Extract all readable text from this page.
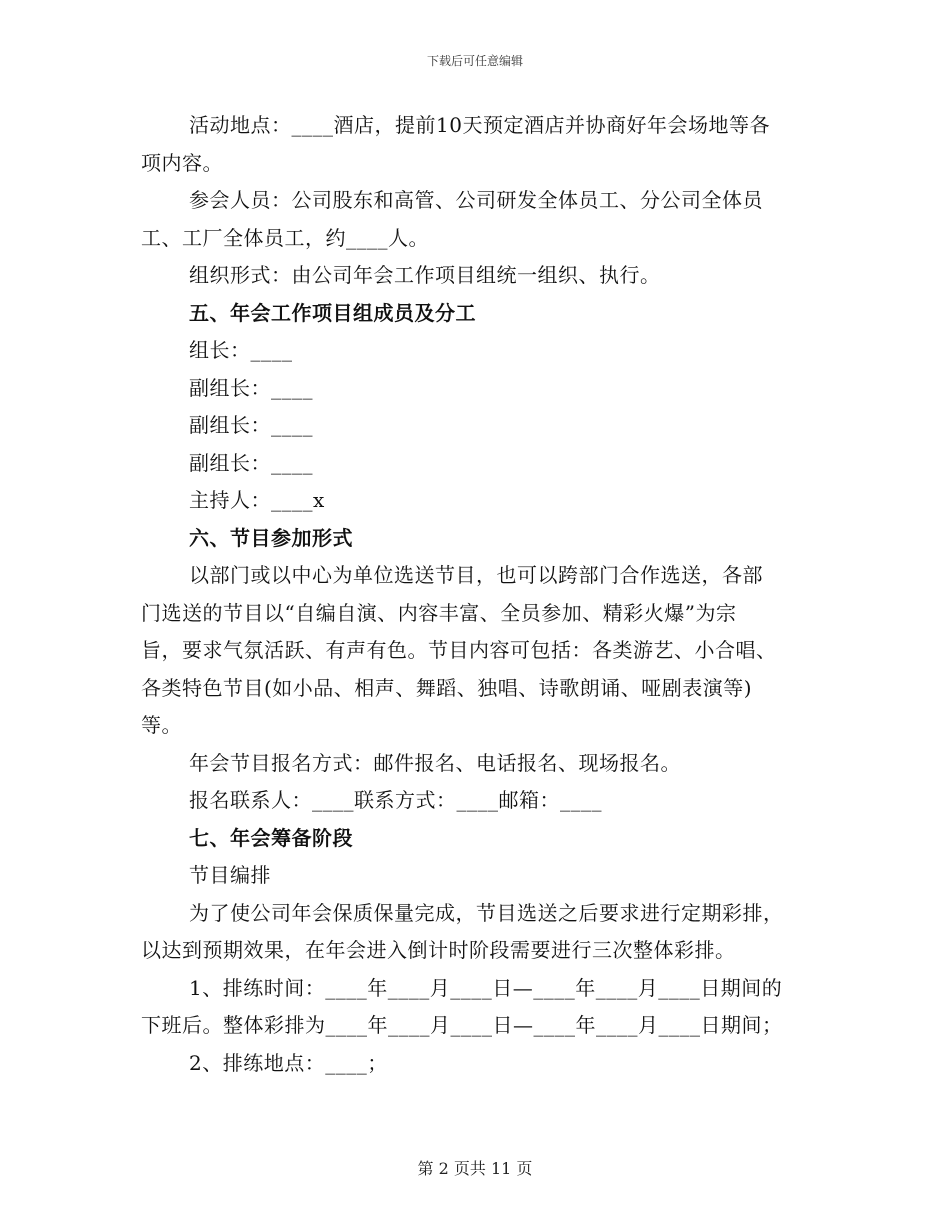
下载后可任意编辑

活动地点：____酒店，提前10天预定酒店并协商好年会场地等各

项内容。

参会人员：公司股东和高管、公司研发全体员工、分公司全体员

工、工厂全体员工，约____人。

组织形式：由公司年会工作项目组统一组织、执行。

五、年会工作项目组成员及分工

组长：____

副组长：____

副组长：____

副组长：____

主持人：____x

六、节目参加形式

以部门或以中心为单位选送节目，也可以跨部门合作选送，各部

门选送的节目以“自编自演、内容丰富、全员参加、精彩火爆”为宗

旨，要求气氛活跃、有声有色。节目内容可包括：各类游艺、小合唱、

各类特色节目(如小品、相声、舞蹈、独唱、诗歌朗诵、哑剧表演等)

等。

年会节目报名方式：邮件报名、电话报名、现场报名。

报名联系人：____联系方式：____邮箱：____

七、年会筹备阶段

节目编排

为了使公司年会保质保量完成，节目选送之后要求进行定期彩排，

以达到预期效果，在年会进入倒计时阶段需要进行三次整体彩排。

1、排练时间：____年____月____日—____年____月____日期间的

下班后。整体彩排为____年____月____日—____年____月____日期间；

2、排练地点：____；

第 2 页共 11 页
